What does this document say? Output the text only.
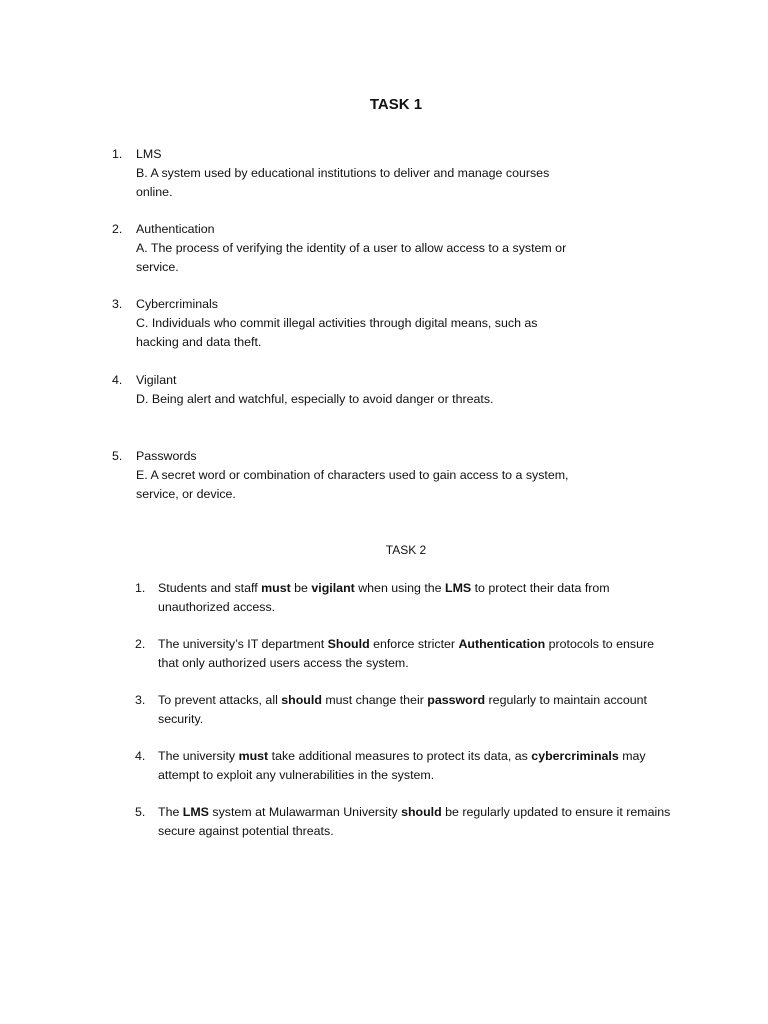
TASK 1
1. LMS
B. A system used by educational institutions to deliver and manage courses
online.
2. Authentication
A. The process of verifying the identity of a user to allow access to a system or
service.
3. Cybercriminals
C. Individuals who commit illegal activities through digital means, such as
hacking and data theft.
4. Vigilant
D. Being alert and watchful, especially to avoid danger or threats.
5. Passwords
E. A secret word or combination of characters used to gain access to a system,
service, or device.
TASK 2
1. Students and staff must be vigilant when using the LMS to protect their data from
unauthorized access.
2. The university’s IT department Should enforce stricter Authentication protocols to ensure
that only authorized users access the system.
3. To prevent attacks, all should must change their password regularly to maintain account
security.
4. The university must take additional measures to protect its data, as cybercriminals may
attempt to exploit any vulnerabilities in the system.
5. The LMS system at Mulawarman University should be regularly updated to ensure it remains
secure against potential threats.
